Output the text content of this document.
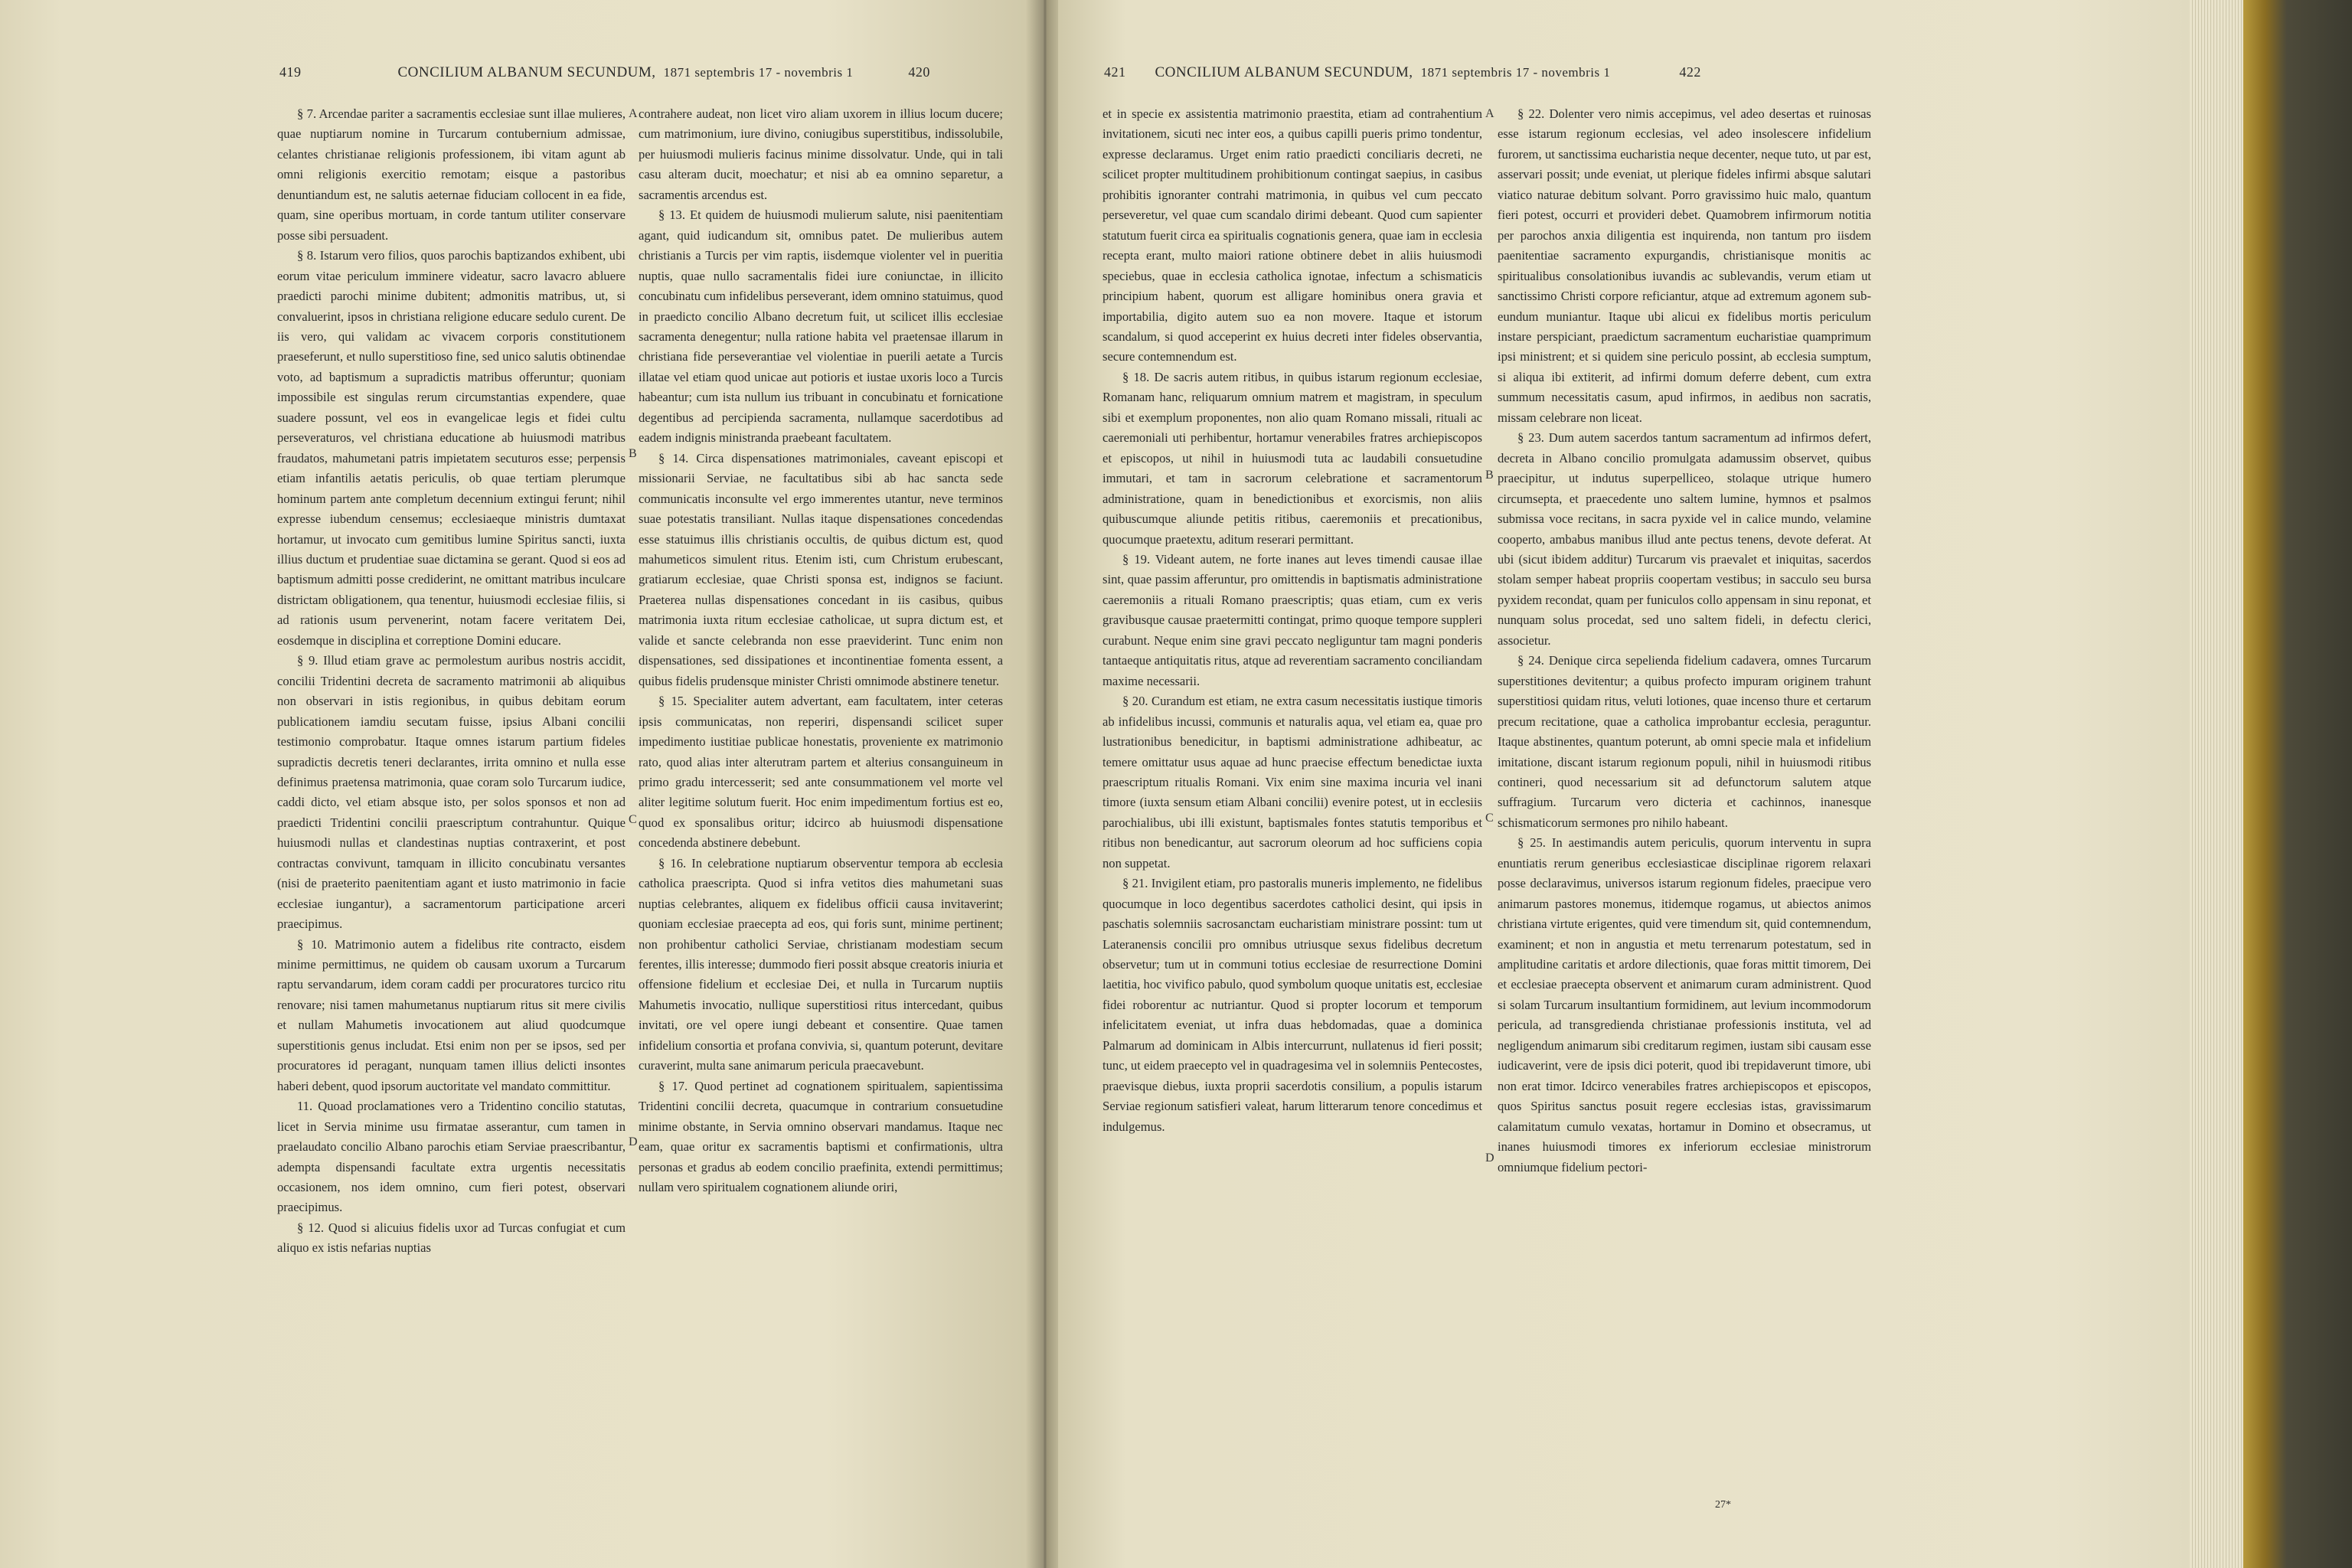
419	CONCILIUM ALBANUM SECUNDUM, 1871 septembris 17 - novembris 1	420

§ 7. Arcendae pariter a sacramentis ecclesiae sunt illae mulieres, quae nuptiarum nomine in Turcarum contubernium admissae, celantes christianae religionis professionem, ibi vitam agunt ab omni religionis exercitio remotam; eisque a pastoribus denuntiandum est, ne salutis aeternae fiduciam collocent in ea fide, quam, sine operibus mortuam, in corde tantum utiliter conservare posse sibi persuadent.

§ 8. Istarum vero filios, quos parochis baptizandos exhibent, ubi eorum vitae periculum imminere videatur, sacro lavacro abluere praedicti parochi minime dubitent; admonitis matribus, ut, si convaluerint, ipsos in christiana religione educare sedulo curent. De iis vero, qui validam ac vivacem corporis constitutionem praeseferunt, et nullo superstitioso fine, sed unico salutis obtinendae voto, ad baptismum a supradictis matribus offeruntur; quoniam impossibile est singulas rerum circumstantias expendere, quae suadere possunt, vel eos in evangelicae legis et fidei cultu perseveraturos, vel christiana educatione ab huiusmodi matribus fraudatos, mahumetani patris impietatem secuturos esse; perpensis etiam infantilis aetatis periculis, ob quae tertiam plerumque hominum partem ante completum decennium extingui ferunt; nihil expresse iubendum censemus; ecclesiaeque ministris dumtaxat hortamur, ut invocato cum gemitibus lumine Spiritus sancti, iuxta illius ductum et prudentiae suae dictamina se gerant. Quod si eos ad baptismum admitti posse crediderint, ne omittant matribus inculcare districtam obligationem, qua tenentur, huiusmodi ecclesiae filiis, si ad rationis usum pervenerint, notam facere veritatem Dei, eosdemque in disciplina et correptione Domini educare.

§ 9. Illud etiam grave ac permolestum auribus nostris accidit, concilii Tridentini decreta de sacramento matrimonii ab aliquibus non observari in istis regionibus, in quibus debitam eorum publicationem iamdiu secutam fuisse, ipsius Albani concilii testimonio comprobatur. Itaque omnes istarum partium fideles supradictis decretis teneri declarantes, irrita omnino et nulla esse definimus praetensa matrimonia, quae coram solo Turcarum iudice, caddi dicto, vel etiam absque isto, per solos sponsos et non ad praedicti Tridentini concilii praescriptum contrahuntur. Quique huiusmodi nullas et clandestinas nuptias contraxerint, et post contractas convivunt, tamquam in illicito concubinatu versantes (nisi de praeterito paenitentiam agant et iusto matrimonio in facie ecclesiae iungantur), a sacramentorum participatione arceri praecipimus.

§ 10. Matrimonio autem a fidelibus rite contracto, eisdem minime permittimus, ne quidem ob causam uxorum a Turcarum raptu servandarum, idem coram caddi per procuratores turcico ritu renovare; nisi tamen mahumetanus nuptiarum ritus sit mere civilis et nullam Mahumetis invocationem aut aliud quodcumque superstitionis genus includat. Etsi enim non per se ipsos, sed per procuratores id peragant, nunquam tamen illius delicti insontes haberi debent, quod ipsorum auctoritate vel mandato committitur.

11. Quoad proclamationes vero a Tridentino concilio statutas, licet in Servia minime usu firmatae asserantur, cum tamen in praelaudato concilio Albano parochis etiam Serviae praescribantur, adempta dispensandi facultate extra urgentis necessitatis occasionem, nos idem omnino, cum fieri potest, observari praecipimus.

§ 12. Quod si alicuius fidelis uxor ad Turcas confugiat et cum aliquo ex istis nefarias nuptias

contrahere audeat, non licet viro aliam uxorem in illius locum ducere; cum matrimonium, iure divino, coniugibus superstitibus, indissolubile, per huiusmodi mulieris facinus minime dissolvatur. Unde, qui in tali casu alteram ducit, moechatur; et nisi ab ea omnino separetur, a sacramentis arcendus est.

§ 13. Et quidem de huiusmodi mulierum salute, nisi paenitentiam agant, quid iudicandum sit, omnibus patet. De mulieribus autem christianis a Turcis per vim raptis, iisdemque violenter vel in pueritia nuptis, quae nullo sacramentalis fidei iure coniunctae, in illicito concubinatu cum infidelibus perseverant, idem omnino statuimus, quod in praedicto concilio Albano decretum fuit, ut scilicet illis ecclesiae sacramenta denegentur; nulla ratione habita vel praetensae illarum in christiana fide perseverantiae vel violentiae in puerili aetate a Turcis illatae vel etiam quod unicae aut potioris et iustae uxoris loco a Turcis habeantur; cum ista nullum ius tribuant in concubinatu et fornicatione degentibus ad percipienda sacramenta, nullamque sacerdotibus ad eadem indignis ministranda praebeant facultatem.

§ 14. Circa dispensationes matrimoniales, caveant episcopi et missionarii Serviae, ne facultatibus sibi ab hac sancta sede communicatis inconsulte vel ergo immerentes utantur, neve terminos suae potestatis transiliant. Nullas itaque dispensationes concedendas esse statuimus illis christianis occultis, de quibus dictum est, quod mahumeticos simulent ritus. Etenim isti, cum Christum erubescant, gratiarum ecclesiae, quae Christi sponsa est, indignos se faciunt. Praeterea nullas dispensationes concedant in iis casibus, quibus matrimonia iuxta ritum ecclesiae catholicae, ut supra dictum est, et valide et sancte celebranda non esse praeviderint. Tunc enim non dispensationes, sed dissipationes et incontinentiae fomenta essent, a quibus fidelis prudensque minister Christi omnimode abstinere tenetur.

§ 15. Specialiter autem advertant, eam facultatem, inter ceteras ipsis communicatas, non reperiri, dispensandi scilicet super impedimento iustitiae publicae honestatis, proveniente ex matrimonio rato, quod alias inter alterutram partem et alterius consanguineum in primo gradu intercesserit; sed ante consummationem vel morte vel aliter legitime solutum fuerit. Hoc enim impedimentum fortius est eo, quod ex sponsalibus oritur; idcirco ab huiusmodi dispensatione concedenda abstinere debebunt.

§ 16. In celebratione nuptiarum observentur tempora ab ecclesia catholica praescripta. Quod si infra vetitos dies mahumetani suas nuptias celebrantes, aliquem ex fidelibus officii causa invitaverint; quoniam ecclesiae praecepta ad eos, qui foris sunt, minime pertinent; non prohibentur catholici Serviae, christianam modestiam secum ferentes, illis interesse; dummodo fieri possit absque creatoris iniuria et offensione fidelium et ecclesiae Dei, et nulla in Turcarum nuptiis Mahumetis invocatio, nullique superstitiosi ritus intercedant, quibus invitati, ore vel opere iungi debeant et consentire. Quae tamen infidelium consortia et profana convivia, si, quantum poterunt, devitare curaverint, multa sane animarum pericula praecavebunt.

§ 17. Quod pertinet ad cognationem spiritualem, sapientissima Tridentini concilii decreta, quacumque in contrarium consuetudine minime obstante, in Servia omnino observari mandamus. Itaque nec eam, quae oritur ex sacramentis baptismi et confirmationis, ultra personas et gradus ab eodem concilio praefinita, extendi permittimus; nullam vero spiritualem cognationem aliunde oriri,

A
B
C
D
421 CONCILIUM ALBANUM SECUNDUM, 1871 septembris 17 - novembris 1	422

et in specie ex assistentia matrimonio praestita, etiam ad contrahentium invitationem, sicuti nec inter eos, a quibus capilli pueris primo tondentur, expresse declaramus. Urget enim ratio praedicti conciliaris decreti, ne scilicet propter multitudinem prohibitionum contingat saepius, in casibus prohibitis ignoranter contrahi matrimonia, in quibus vel cum peccato perseveretur, vel quae cum scandalo dirimi debeant. Quod cum sapienter statutum fuerit circa ea spiritualis cognationis genera, quae iam in ecclesia recepta erant, multo maiori ratione obtinere debet in aliis huiusmodi speciebus, quae in ecclesia catholica ignotae, infectum a schismaticis principium habent, quorum est alligare hominibus onera gravia et importabilia, digito autem suo ea non movere. Itaque et istorum scandalum, si quod acceperint ex huius decreti inter fideles observantia, secure contemnendum est.

§ 18. De sacris autem ritibus, in quibus istarum regionum ecclesiae, Romanam hanc, reliquarum omnium matrem et magistram, in speculum sibi et exemplum proponentes, non alio quam Romano missali, rituali ac caeremoniali uti perhibentur, hortamur venerabiles fratres archiepiscopos et episcopos, ut nihil in huiusmodi tuta ac laudabili consuetudine immutari, et tam in sacrorum celebratione et sacramentorum administratione, quam in benedictionibus et exorcismis, non aliis quibuscumque aliunde petitis ritibus, caeremoniis et precationibus, quocumque praetextu, aditum reserari permittant.

§ 19. Videant autem, ne forte inanes aut leves timendi causae illae sint, quae passim afferuntur, pro omittendis in baptismatis administratione caeremoniis a rituali Romano praescriptis; quas etiam, cum ex veris gravibusque causae praetermitti contingat, primo quoque tempore suppleri curabunt. Neque enim sine gravi peccato negliguntur tam magni ponderis tantaeque antiquitatis ritus, atque ad reverentiam sacramento conciliandam maxime necessarii.

§ 20. Curandum est etiam, ne extra casum necessitatis iustique timoris ab infidelibus incussi, communis et naturalis aqua, vel etiam ea, quae pro lustrationibus benedicitur, in baptismi administratione adhibeatur, ac temere omittatur usus aquae ad hunc praecise effectum benedictae iuxta praescriptum ritualis Romani. Vix enim sine maxima incuria vel inani timore (iuxta sensum etiam Albani concilii) evenire potest, ut in ecclesiis parochialibus, ubi illi existunt, baptismales fontes statutis temporibus et ritibus non benedicantur, aut sacrorum oleorum ad hoc sufficiens copia non suppetat.

§ 21. Invigilent etiam, pro pastoralis muneris implemento, ne fidelibus quocumque in loco degentibus sacerdotes catholici desint, qui ipsis in paschatis solemniis sacrosanctam eucharistiam ministrare possint: tum ut Lateranensis concilii pro omnibus utriusque sexus fidelibus decretum observetur; tum ut in communi totius ecclesiae de resurrectione Domini laetitia, hoc vivifico pabulo, quod symbolum quoque unitatis est, ecclesiae fidei roborentur ac nutriantur. Quod si propter locorum et temporum infelicitatem eveniat, ut infra duas hebdomadas, quae a dominica Palmarum ad dominicam in Albis intercurrunt, nullatenus id fieri possit; tunc, ut eidem praecepto vel in quadragesima vel in solemniis Pentecostes, praevisque diebus, iuxta proprii sacerdotis consilium, a populis istarum Serviae regionum satisfieri valeat, harum litterarum tenore concedimus et indulgemus.

§ 22. Dolenter vero nimis accepimus, vel adeo desertas et ruinosas esse istarum regionum ecclesias, vel adeo insolescere infidelium furorem, ut sanctissima eucharistia neque decenter, neque tuto, ut par est, asservari possit; unde eveniat, ut plerique fideles infirmi absque salutari viatico naturae debitum solvant. Porro gravissimo huic malo, quantum fieri potest, occurri et provideri debet. Quamobrem infirmorum notitia per parochos anxia diligentia est inquirenda, non tantum pro iisdem paenitentiae sacramento expurgandis, christianisque monitis ac spiritualibus consolationibus iuvandis ac sublevandis, verum etiam ut sanctissimo Christi corpore reficiantur, atque ad extremum agonem sub-eundum muniantur. Itaque ubi alicui ex fidelibus mortis periculum instare perspiciant, praedictum sacramentum eucharistiae quamprimum ipsi ministrent; et si quidem sine periculo possint, ab ecclesia sumptum, si aliqua ibi extiterit, ad infirmi domum deferre debent, cum extra summum necessitatis casum, apud infirmos, in aedibus non sacratis, missam celebrare non liceat.

§ 23. Dum autem sacerdos tantum sacramentum ad infirmos defert, decreta in Albano concilio promulgata adamussim observet, quibus praecipitur, ut indutus superpelliceo, stolaque utrique humero circumsepta, et praecedente uno saltem lumine, hymnos et psalmos submissa voce recitans, in sacra pyxide vel in calice mundo, velamine cooperto, ambabus manibus illud ante pectus tenens, devote deferat. At ubi (sicut ibidem additur) Turcarum vis praevalet et iniquitas, sacerdos stolam semper habeat propriis coopertam vestibus; in sacculo seu bursa pyxidem recondat, quam per funiculos collo appensam in sinu reponat, et nunquam solus procedat, sed uno saltem fideli, in defectu clerici, associetur.

§ 24. Denique circa sepelienda fidelium cadavera, omnes Turcarum superstitiones devitentur; a quibus profecto impuram originem trahunt superstitiosi quidam ritus, veluti lotiones, quae incenso thure et certarum precum recitatione, quae a catholica improbantur ecclesia, peraguntur. Itaque abstinentes, quantum poterunt, ab omni specie mala et infidelium imitatione, discant istarum regionum populi, nihil in huiusmodi ritibus contineri, quod necessarium sit ad defunctorum salutem atque suffragium. Turcarum vero dicteria et cachinnos, inanesque schismaticorum sermones pro nihilo habeant.

§ 25. In aestimandis autem periculis, quorum interventu in supra enuntiatis rerum generibus ecclesiasticae disciplinae rigorem relaxari posse declaravimus, universos istarum regionum fideles, praecipue vero animarum pastores monemus, itidemque rogamus, ut abiectos animos christiana virtute erigentes, quid vere timendum sit, quid contemnendum, examinent; et non in angustia et metu terrenarum potestatum, sed in amplitudine caritatis et ardore dilectionis, quae foras mittit timorem, Dei et ecclesiae praecepta observent et animarum curam administrent. Quod si solam Turcarum insultantium formidinem, aut levium incommodorum pericula, ad transgredienda christianae professionis instituta, vel ad negligendum animarum sibi creditarum regimen, iustam sibi causam esse iudicaverint, vere de ipsis dici poterit, quod ibi trepidaverunt timore, ubi non erat timor. Idcirco venerabiles fratres archiepiscopos et episcopos, quos Spiritus sanctus posuit regere ecclesias istas, gravissimarum calamitatum cumulo vexatas, hortamur in Domino et obsecramus, ut inanes huiusmodi timores ex inferiorum ecclesiae ministrorum omniumque fidelium pectori-

A
B
C
D
27*
